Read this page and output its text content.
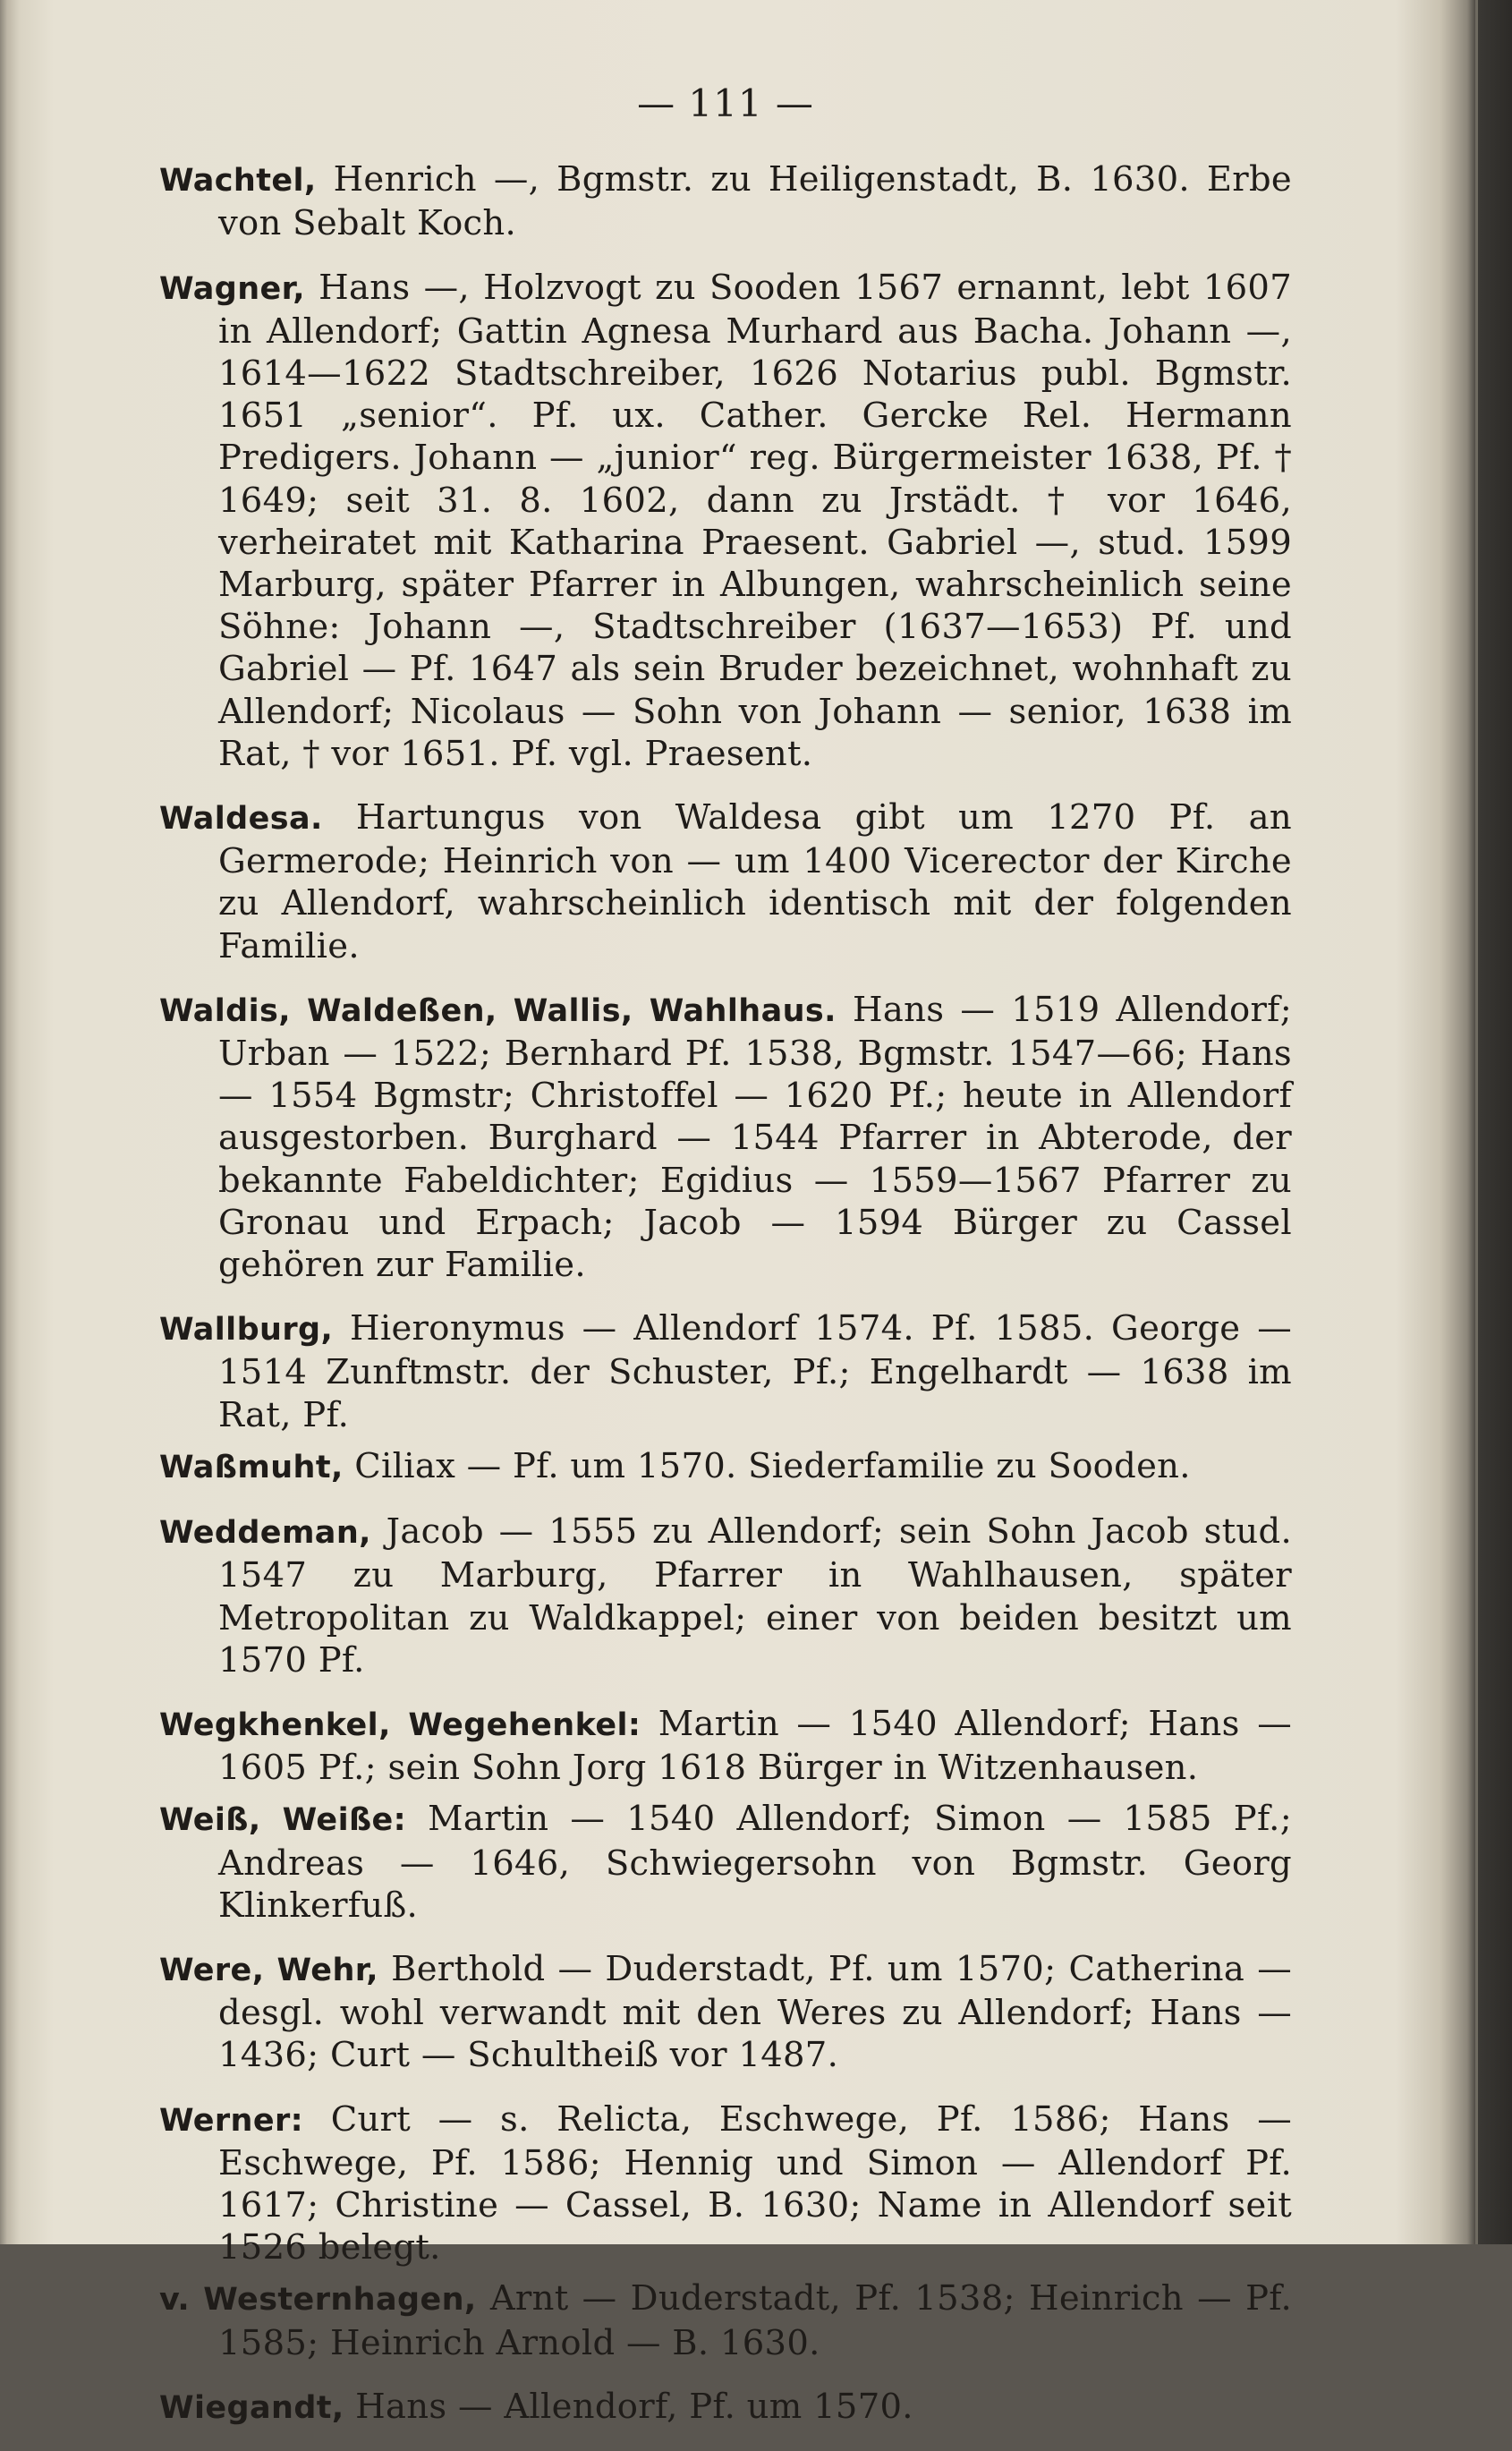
— 111 —

Wachtel, Henrich —, Bgmstr. zu Heiligenstadt, B. 1630. Erbe von Sebalt Koch.

Wagner, Hans —, Holzvogt zu Sooden 1567 ernannt, lebt 1607 in Allendorf; Gattin Agnesa Murhard aus Bacha. Johann —, 1614—1622 Stadtschreiber, 1626 Notarius publ. Bgmstr. 1651 „senior“. Pf. ux. Cather. Gercke Rel. Hermann Predigers. Johann — „junior“ reg. Bürgermeister 1638, Pf. † 1649; seit 31. 8. 1602, dann zu Jrstädt. † vor 1646, verheiratet mit Katharina Praesent. Gabriel —, stud. 1599 Marburg, später Pfarrer in Albungen, wahrscheinlich seine Söhne: Johann —, Stadtschreiber (1637—1653) Pf. und Gabriel — Pf. 1647 als sein Bruder bezeichnet, wohnhaft zu Allendorf; Nicolaus — Sohn von Johann — senior, 1638 im Rat, † vor 1651. Pf. vgl. Praesent.

Waldesa. Hartungus von Waldesa gibt um 1270 Pf. an Germerode; Heinrich von — um 1400 Vicerector der Kirche zu Allendorf, wahrscheinlich identisch mit der folgenden Familie.

Waldis, Waldeßen, Wallis, Wahlhaus. Hans — 1519 Allendorf; Urban — 1522; Bernhard Pf. 1538, Bgmstr. 1547—66; Hans — 1554 Bgmstr; Christoffel — 1620 Pf.; heute in Allendorf ausgestorben. Burghard — 1544 Pfarrer in Abterode, der bekannte Fabeldichter; Egidius — 1559—1567 Pfarrer zu Gronau und Erpach; Jacob — 1594 Bürger zu Cassel gehören zur Familie.

Wallburg, Hieronymus — Allendorf 1574. Pf. 1585. George — 1514 Zunftmstr. der Schuster, Pf.; Engelhardt — 1638 im Rat, Pf.

Waßmuht, Ciliax — Pf. um 1570. Siederfamilie zu Sooden.

Weddeman, Jacob — 1555 zu Allendorf; sein Sohn Jacob stud. 1547 zu Marburg, Pfarrer in Wahlhausen, später Metropolitan zu Waldkappel; einer von beiden besitzt um 1570 Pf.

Wegkhenkel, Wegehenkel: Martin — 1540 Allendorf; Hans — 1605 Pf.; sein Sohn Jorg 1618 Bürger in Witzenhausen.

Weiß, Weiße: Martin — 1540 Allendorf; Simon — 1585 Pf.; Andreas — 1646, Schwiegersohn von Bgmstr. Georg Klinkerfuß.

Were, Wehr, Berthold — Duderstadt, Pf. um 1570; Catherina — desgl. wohl verwandt mit den Weres zu Allendorf; Hans — 1436; Curt — Schultheiß vor 1487.

Werner: Curt — s. Relicta, Eschwege, Pf. 1586; Hans — Eschwege, Pf. 1586; Hennig und Simon — Allendorf Pf. 1617; Christine — Cassel, B. 1630; Name in Allendorf seit 1526 belegt.

v. Westernhagen, Arnt — Duderstadt, Pf. 1538; Heinrich — Pf. 1585; Heinrich Arnold — B. 1630.

Wiegandt, Hans — Allendorf, Pf. um 1570.
